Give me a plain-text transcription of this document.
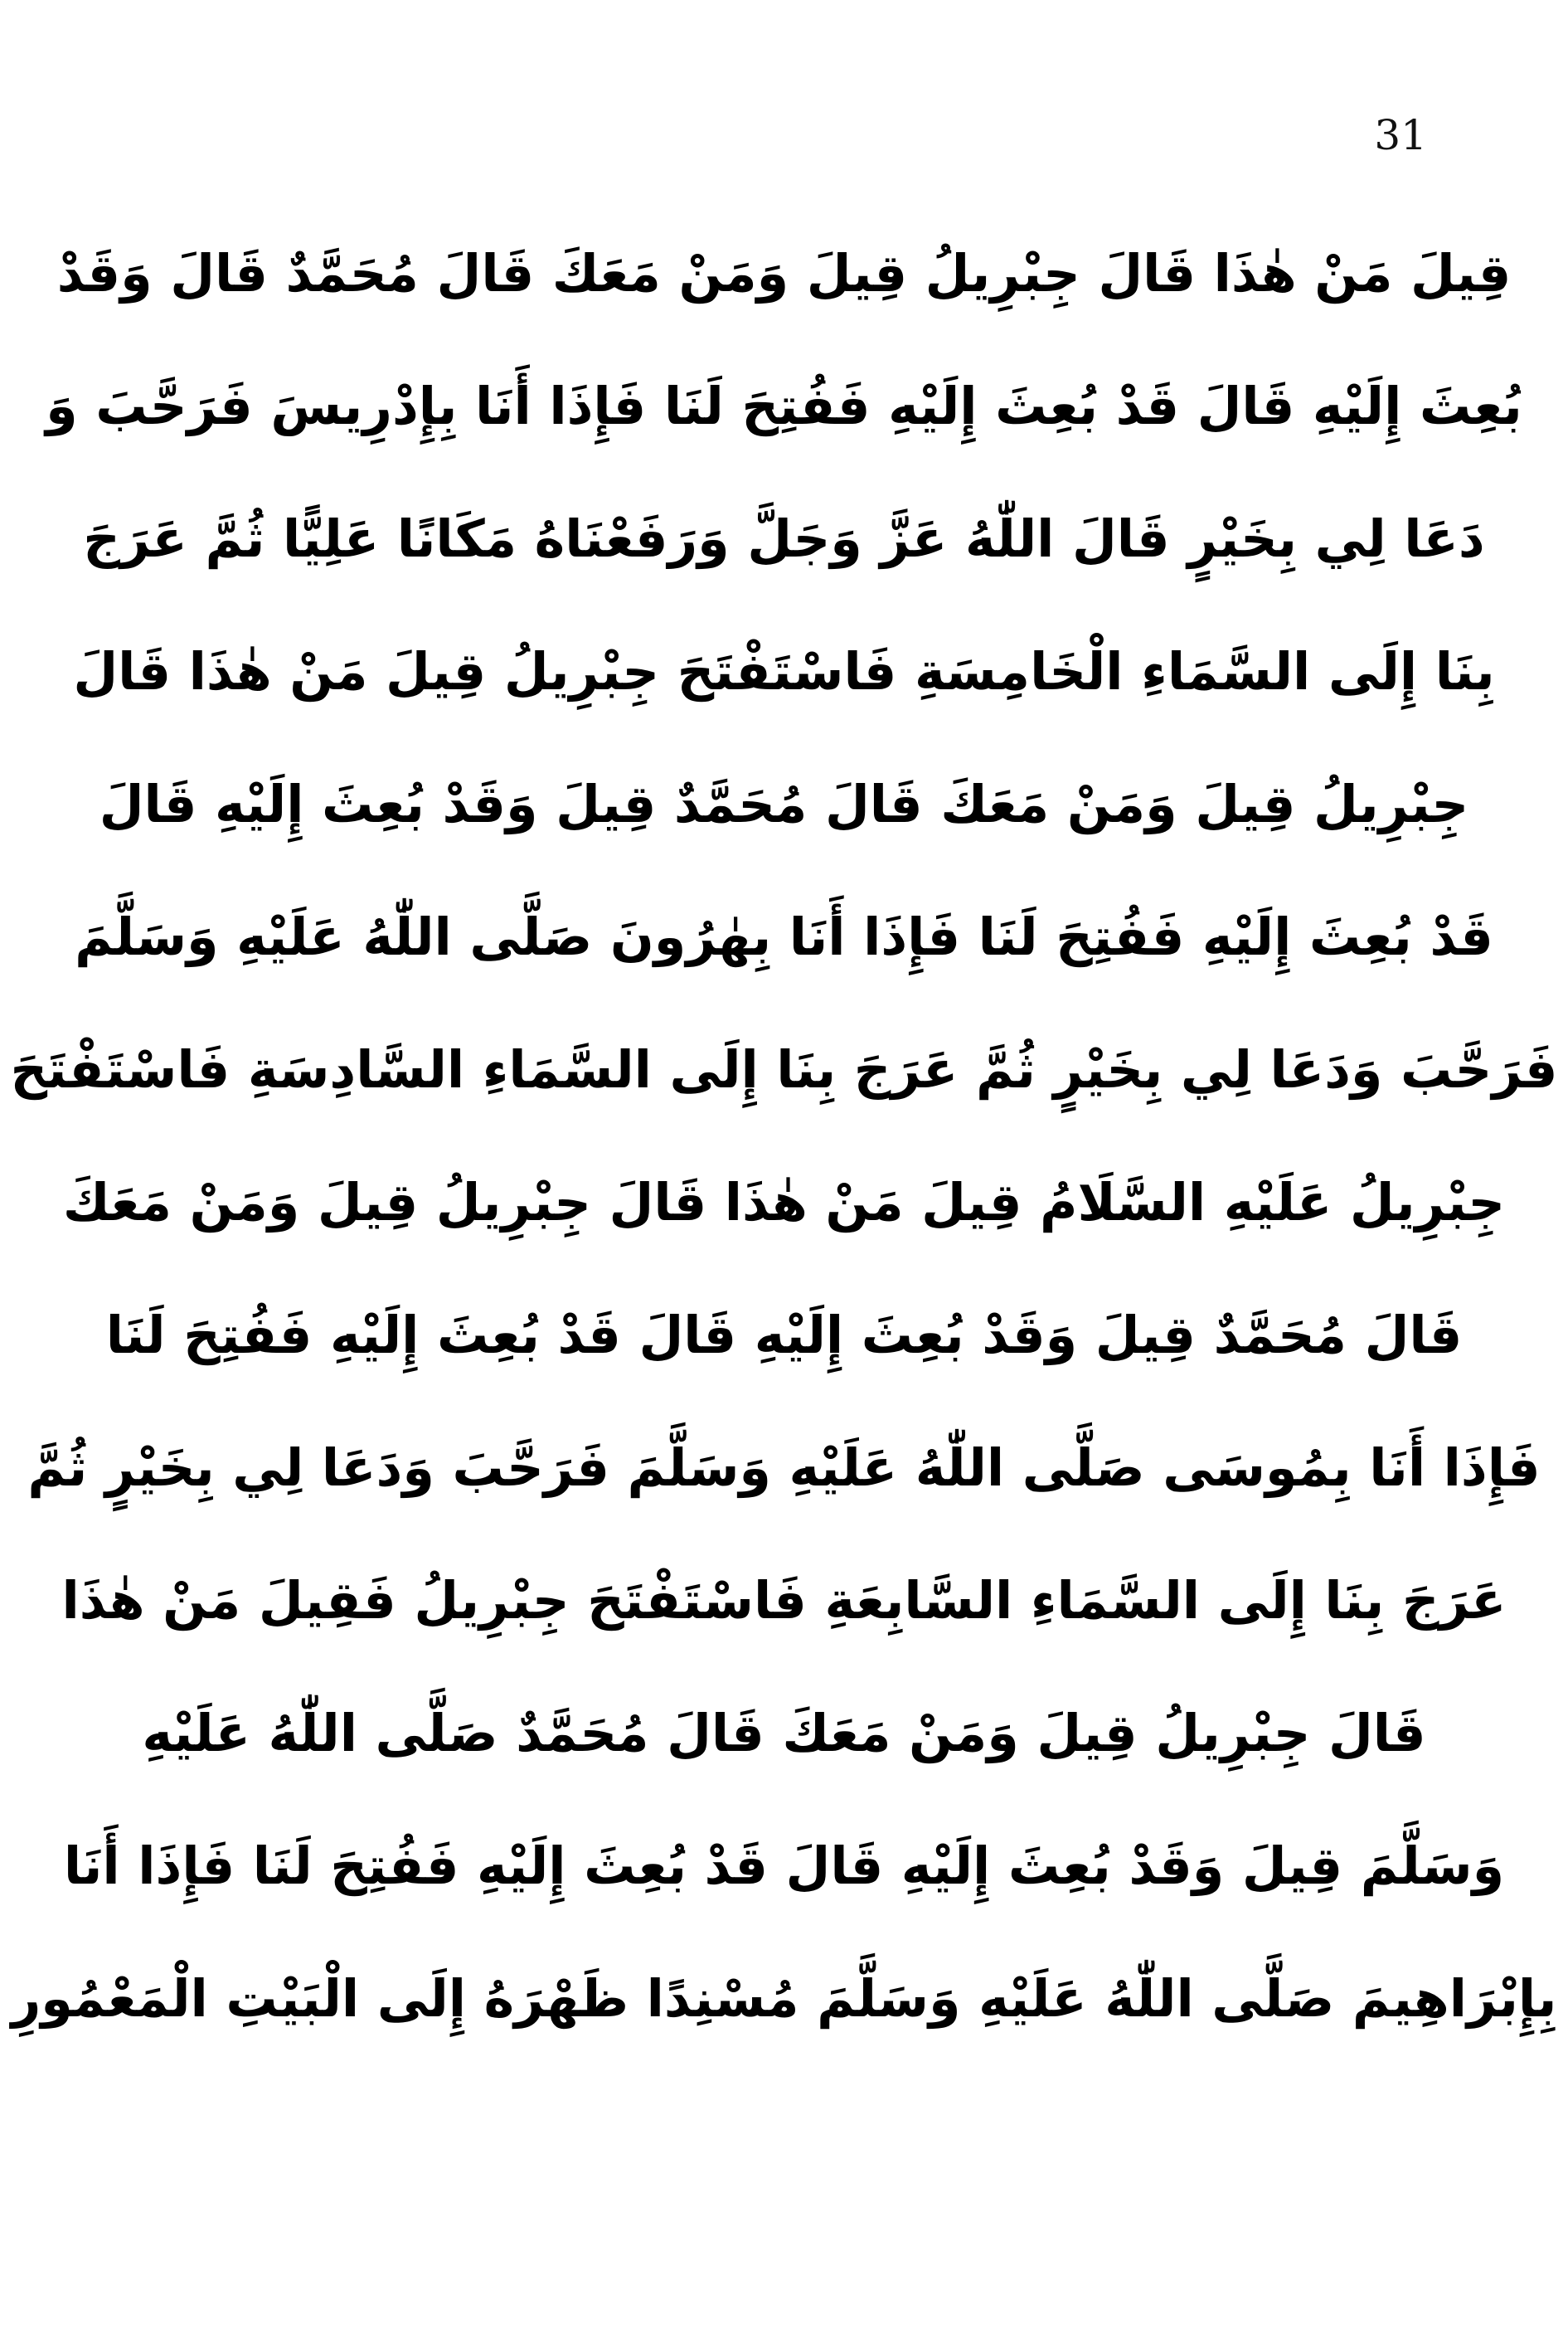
31
قِيلَ مَنْ هٰذَا قَالَ جِبْرِيلُ قِيلَ وَمَنْ مَعَكَ قَالَ مُحَمَّدٌ قَالَ وَقَدْ
بُعِثَ إِلَيْهِ قَالَ قَدْ بُعِثَ إِلَيْهِ فَفُتِحَ لَنَا فَإِذَا أَنَا بِإِدْرِيسَ فَرَحَّبَ وَ
دَعَا لِي بِخَيْرٍ قَالَ اللّٰهُ عَزَّ وَجَلَّ وَرَفَعْنَاهُ مَكَانًا عَلِيًّا ثُمَّ عَرَجَ
بِنَا إِلَى السَّمَاءِ الْخَامِسَةِ فَاسْتَفْتَحَ جِبْرِيلُ قِيلَ مَنْ هٰذَا قَالَ
جِبْرِيلُ قِيلَ وَمَنْ مَعَكَ قَالَ مُحَمَّدٌ قِيلَ وَقَدْ بُعِثَ إِلَيْهِ قَالَ
قَدْ بُعِثَ إِلَيْهِ فَفُتِحَ لَنَا فَإِذَا أَنَا بِهٰرُونَ صَلَّى اللّٰهُ عَلَيْهِ وَسَلَّمَ
فَرَحَّبَ وَدَعَا لِي بِخَيْرٍ ثُمَّ عَرَجَ بِنَا إِلَى السَّمَاءِ السَّادِسَةِ فَاسْتَفْتَحَ
جِبْرِيلُ عَلَيْهِ السَّلَامُ قِيلَ مَنْ هٰذَا قَالَ جِبْرِيلُ قِيلَ وَمَنْ مَعَكَ
قَالَ مُحَمَّدٌ قِيلَ وَقَدْ بُعِثَ إِلَيْهِ قَالَ قَدْ بُعِثَ إِلَيْهِ فَفُتِحَ لَنَا
فَإِذَا أَنَا بِمُوسَى صَلَّى اللّٰهُ عَلَيْهِ وَسَلَّمَ فَرَحَّبَ وَدَعَا لِي بِخَيْرٍ ثُمَّ
عَرَجَ بِنَا إِلَى السَّمَاءِ السَّابِعَةِ فَاسْتَفْتَحَ جِبْرِيلُ فَقِيلَ مَنْ هٰذَا
قَالَ جِبْرِيلُ قِيلَ وَمَنْ مَعَكَ قَالَ مُحَمَّدٌ صَلَّى اللّٰهُ عَلَيْهِ
وَسَلَّمَ قِيلَ وَقَدْ بُعِثَ إِلَيْهِ قَالَ قَدْ بُعِثَ إِلَيْهِ فَفُتِحَ لَنَا فَإِذَا أَنَا
بِإِبْرَاهِيمَ صَلَّى اللّٰهُ عَلَيْهِ وَسَلَّمَ مُسْنِدًا ظَهْرَهُ إِلَى الْبَيْتِ الْمَعْمُورِ
